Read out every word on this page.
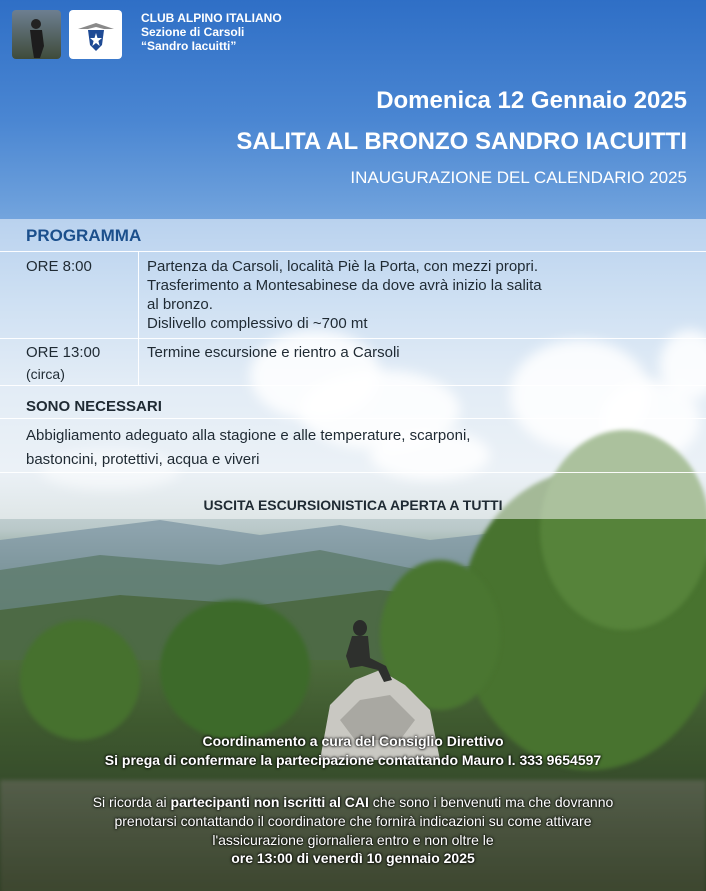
CLUB ALPINO ITALIANO
Sezione di Carsoli
“Sandro Iacuitti”
Domenica 12 Gennaio 2025
SALITA AL BRONZO SANDRO IACUITTI
INAUGURAZIONE DEL CALENDARIO 2025
PROGRAMMA
ORE 8:00	Partenza da Carsoli, località Piè la Porta, con mezzi propri.
Trasferimento a Montesabinese da dove avrà inizio la salita
al bronzo.
Dislivello complessivo di ~700 mt
ORE 13:00
(circa)
Termine escursione e rientro a Carsoli
SONO NECESSARI
Abbigliamento adeguato alla stagione e alle temperature, scarponi,
bastoncini, protettivi, acqua e viveri
USCITA ESCURSIONISTICA APERTA A TUTTI
Coordinamento a cura del Consiglio Direttivo
Si prega di confermare la partecipazione contattando Mauro I. 333 9654597
Si ricorda ai partecipanti non iscritti al CAI che sono i benvenuti ma che dovranno
prenotarsi contattando il coordinatore che fornirà indicazioni su come attivare
l'assicurazione giornaliera entro e non oltre le
ore 13:00 di venerdì 10 gennaio 2025
